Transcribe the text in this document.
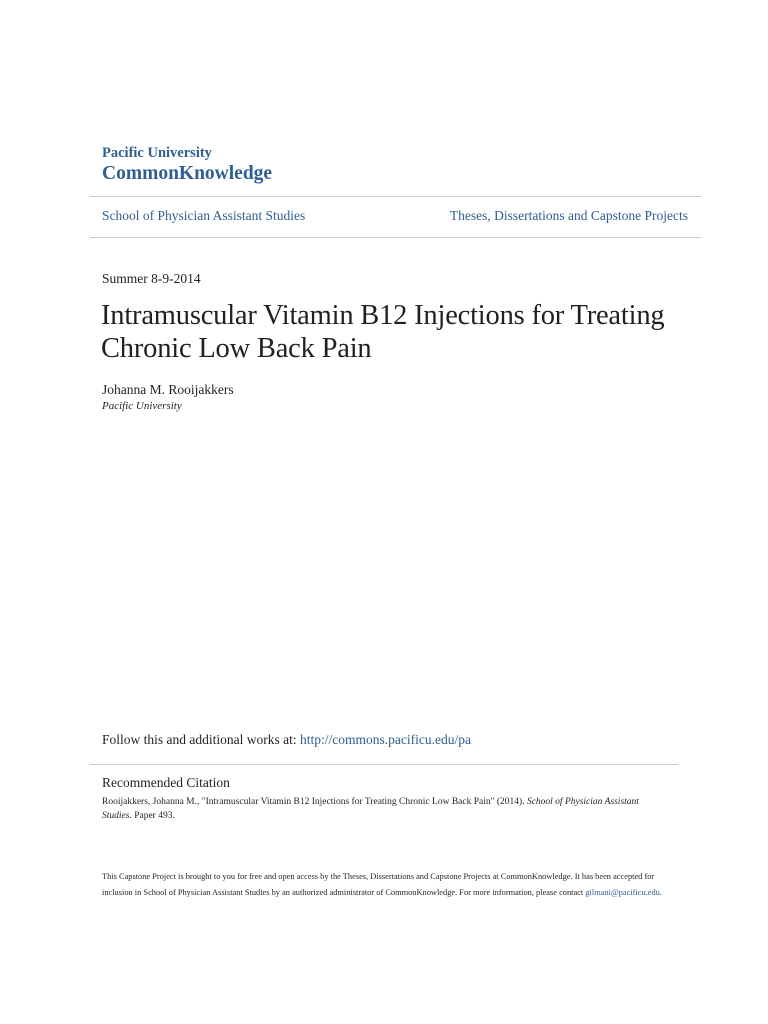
Pacific University
CommonKnowledge
School of Physician Assistant Studies	Theses, Dissertations and Capstone Projects
Summer 8-9-2014
Intramuscular Vitamin B12 Injections for Treating Chronic Low Back Pain
Johanna M. Rooijakkers
Pacific University
Follow this and additional works at: http://commons.pacificu.edu/pa
Recommended Citation
Rooijakkers, Johanna M., "Intramuscular Vitamin B12 Injections for Treating Chronic Low Back Pain" (2014). School of Physician Assistant Studies. Paper 493.
This Capstone Project is brought to you for free and open access by the Theses, Dissertations and Capstone Projects at CommonKnowledge. It has been accepted for inclusion in School of Physician Assistant Studies by an authorized administrator of CommonKnowledge. For more information, please contact gilmani@pacificu.edu.
